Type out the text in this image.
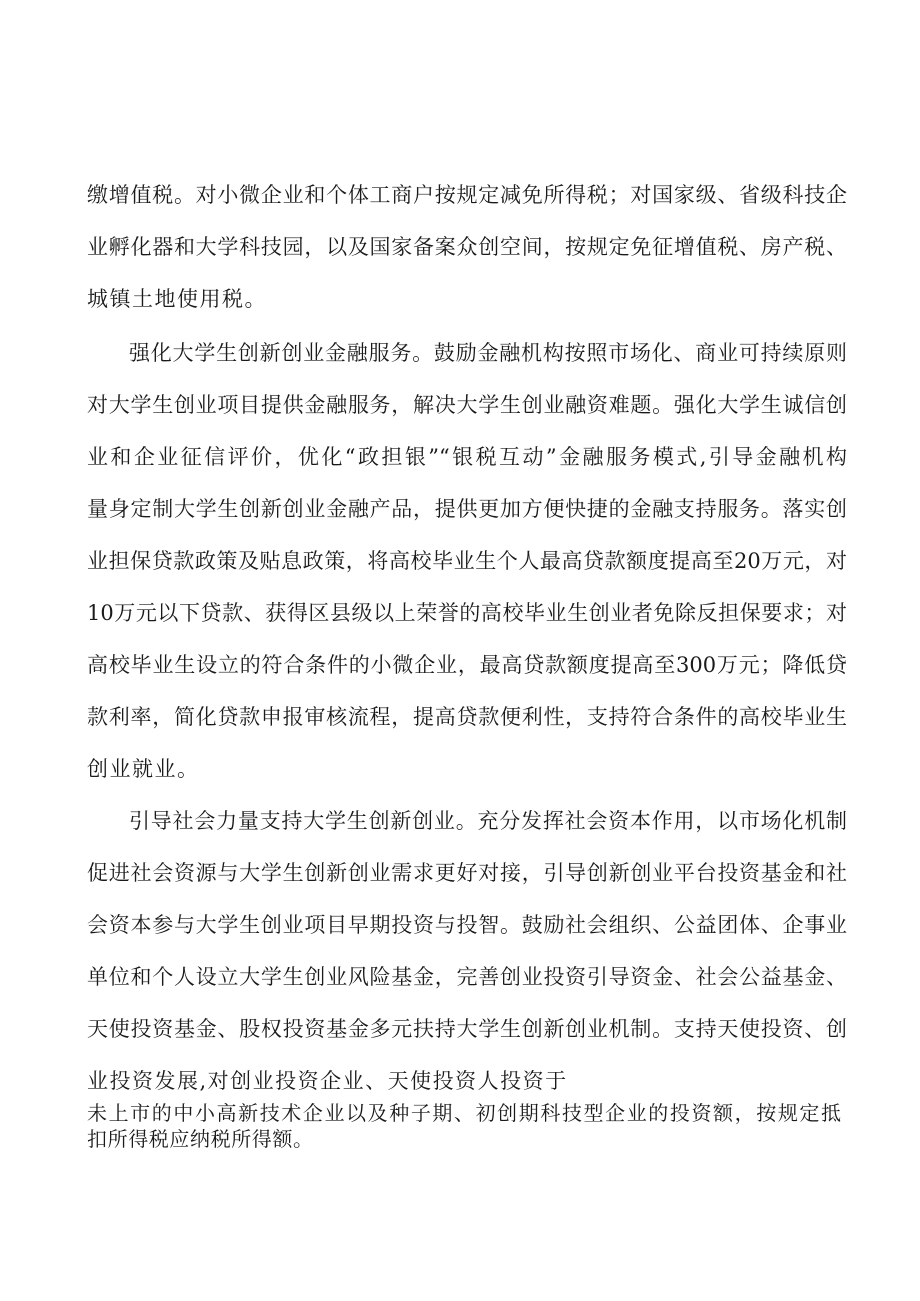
缴增值税。对小微企业和个体工商户按规定减免所得税；对国家级、省级科技企
业孵化器和大学科技园，以及国家备案众创空间，按规定免征增值税、房产税、
城镇土地使用税。
强化大学生创新创业金融服务。鼓励金融机构按照市场化、商业可持续原则
对大学生创业项目提供金融服务，解决大学生创业融资难题。强化大学生诚信创
业和企业征信评价，优化“政担银”“银税互动”金融服务模式,引导金融机构
量身定制大学生创新创业金融产品，提供更加方便快捷的金融支持服务。落实创
业担保贷款政策及贴息政策，将高校毕业生个人最高贷款额度提高至20万元，对
10万元以下贷款、获得区县级以上荣誉的高校毕业生创业者免除反担保要求；对
高校毕业生设立的符合条件的小微企业，最高贷款额度提高至300万元；降低贷
款利率，简化贷款申报审核流程，提高贷款便利性，支持符合条件的高校毕业生
创业就业。
引导社会力量支持大学生创新创业。充分发挥社会资本作用，以市场化机制
促进社会资源与大学生创新创业需求更好对接，引导创新创业平台投资基金和社
会资本参与大学生创业项目早期投资与投智。鼓励社会组织、公益团体、企事业
单位和个人设立大学生创业风险基金，完善创业投资引导资金、社会公益基金、
天使投资基金、股权投资基金多元扶持大学生创新创业机制。支持天使投资、创
业投资发展,对创业投资企业、天使投资人投资于
未上市的中小高新技术企业以及种子期、初创期科技型企业的投资额，按规定抵
扣所得税应纳税所得额。
